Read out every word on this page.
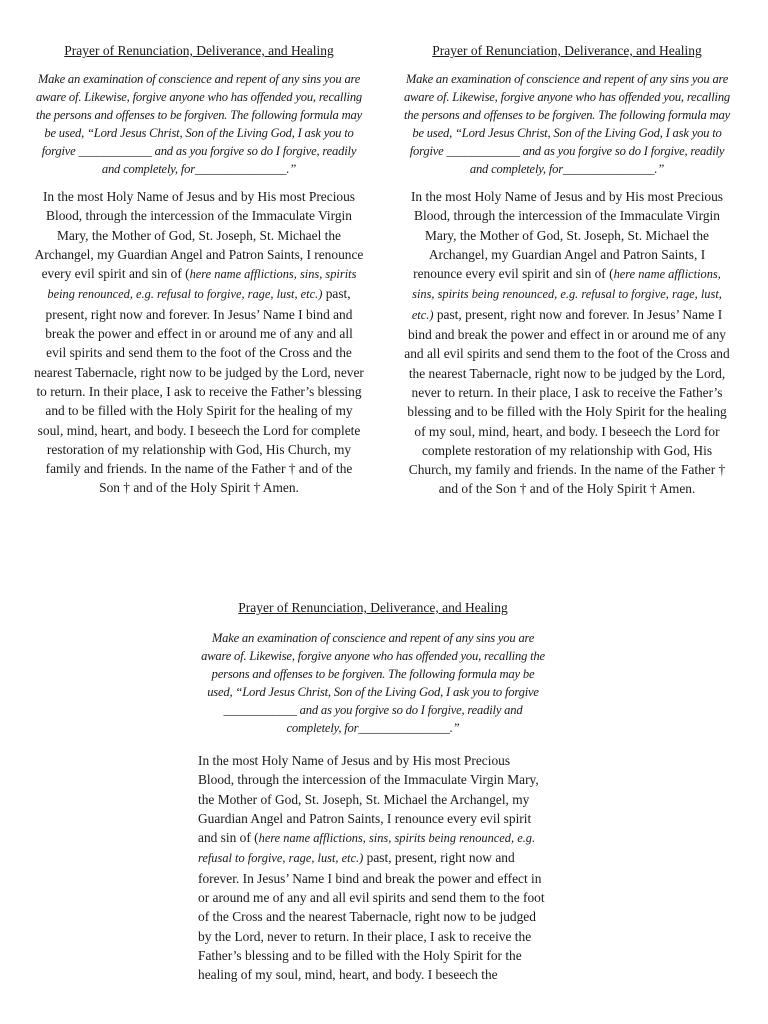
Prayer of Renunciation, Deliverance, and Healing

Make an examination of conscience and repent of any sins you are aware of. Likewise, forgive anyone who has offended you, recalling the persons and offenses to be forgiven. The following formula may be used, “Lord Jesus Christ, Son of the Living God, I ask you to forgive ____________ and as you forgive so do I forgive, readily and completely, for_______________.”

In the most Holy Name of Jesus and by His most Precious Blood, through the intercession of the Immaculate Virgin Mary, the Mother of God, St. Joseph, St. Michael the Archangel, my Guardian Angel and Patron Saints, I renounce every evil spirit and sin of (here name afflictions, sins, spirits being renounced, e.g. refusal to forgive, rage, lust, etc.) past, present, right now and forever. In Jesus’ Name I bind and break the power and effect in or around me of any and all evil spirits and send them to the foot of the Cross and the nearest Tabernacle, right now to be judged by the Lord, never to return. In their place, I ask to receive the Father’s blessing and to be filled with the Holy Spirit for the healing of my soul, mind, heart, and body. I beseech the Lord for complete restoration of my relationship with God, His Church, my family and friends. In the name of the Father † and of the Son † and of the Holy Spirit † Amen.

Prayer of Renunciation, Deliverance, and Healing

Make an examination of conscience and repent of any sins you are aware of. Likewise, forgive anyone who has offended you, recalling the persons and offenses to be forgiven. The following formula may be used, “Lord Jesus Christ, Son of the Living God, I ask you to forgive ____________ and as you forgive so do I forgive, readily and completely, for_______________.”

In the most Holy Name of Jesus and by His most Precious Blood, through the intercession of the Immaculate Virgin Mary, the Mother of God, St. Joseph, St. Michael the Archangel, my Guardian Angel and Patron Saints, I renounce every evil spirit and sin of (here name afflictions, sins, spirits being renounced, e.g. refusal to forgive, rage, lust, etc.) past, present, right now and forever. In Jesus’ Name I bind and break the power and effect in or around me of any and all evil spirits and send them to the foot of the Cross and the nearest Tabernacle, right now to be judged by the Lord, never to return. In their place, I ask to receive the Father’s blessing and to be filled with the Holy Spirit for the healing of my soul, mind, heart, and body. I beseech the Lord for complete restoration of my relationship with God, His Church, my family and friends. In the name of the Father † and of the Son † and of the Holy Spirit † Amen.

Prayer of Renunciation, Deliverance, and Healing

Make an examination of conscience and repent of any sins you are aware of. Likewise, forgive anyone who has offended you, recalling the persons and offenses to be forgiven. The following formula may be used, “Lord Jesus Christ, Son of the Living God, I ask you to forgive ____________ and as you forgive so do I forgive, readily and completely, for_______________.”

In the most Holy Name of Jesus and by His most Precious Blood, through the intercession of the Immaculate Virgin Mary, the Mother of God, St. Joseph, St. Michael the Archangel, my Guardian Angel and Patron Saints, I renounce every evil spirit and sin of (here name afflictions, sins, spirits being renounced, e.g. refusal to forgive, rage, lust, etc.) past, present, right now and forever. In Jesus’ Name I bind and break the power and effect in or around me of any and all evil spirits and send them to the foot of the Cross and the nearest Tabernacle, right now to be judged by the Lord, never to return. In their place, I ask to receive the Father’s blessing and to be filled with the Holy Spirit for the healing of my soul, mind, heart, and body. I beseech the
